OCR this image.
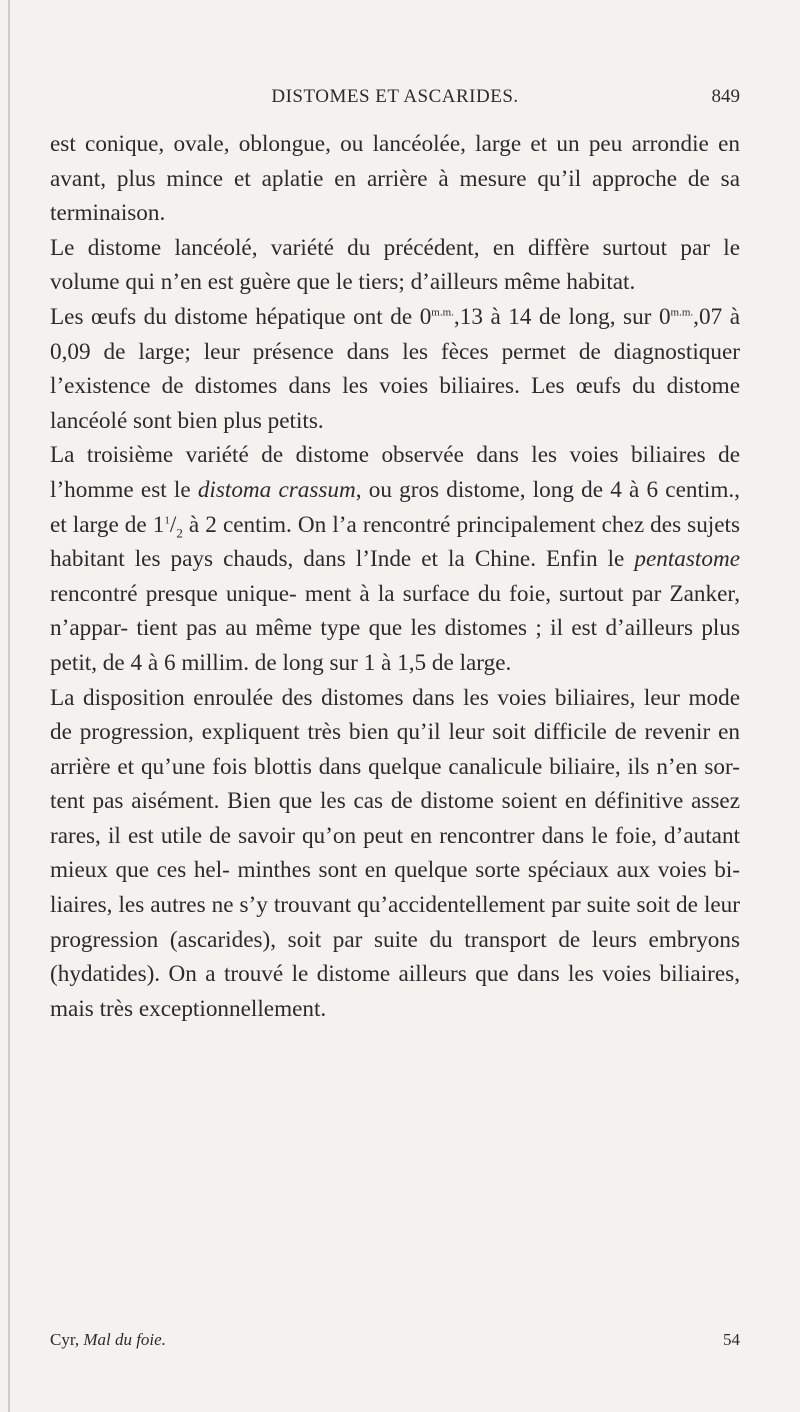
DISTOMES ET ASCARIDES.	849

est conique, ovale, oblongue, ou lancéolée, large et un peu arrondie en avant, plus mince et aplatie en arrière à mesure qu’il approche de sa terminaison.

Le distome lancéolé, variété du précédent, en diffère surtout par le volume qui n’en est guère que le tiers; d’ailleurs même habitat.

Les œufs du distome hépatique ont de $0^{m.m.},13$ à 14 de long, sur $0^{m.m.},07$ à 0,09 de large; leur présence dans les fèces permet de diagnostiquer l’existence de distomes dans les voies biliaires. Les œufs du distome lancéolé sont bien plus petits.

La troisième variété de distome observée dans les voies biliaires de l’homme est le distoma crassum, ou gros distome, long de 4 à 6 centim., et large de $1^1/_2$ à 2 centim. On l’a rencontré principalement chez des sujets habitant les pays chauds, dans l’Inde et la Chine. Enfin le pentastome rencontré presque unique- ment à la surface du foie, surtout par Zanker, n’appar- tient pas au même type que les distomes ; il est d’ailleurs plus petit, de 4 à 6 millim. de long sur 1 à 1,5 de large.

La disposition enroulée des distomes dans les voies biliaires, leur mode de progression, expliquent très bien qu’il leur soit difficile de revenir en arrière et qu’une fois blottis dans quelque canalicule biliaire, ils n’en sor- tent pas aisément. Bien que les cas de distome soient en définitive assez rares, il est utile de savoir qu’on peut en rencontrer dans le foie, d’autant mieux que ces hel- minthes sont en quelque sorte spéciaux aux voies bi- liaires, les autres ne s’y trouvant qu’accidentellement par suite soit de leur progression (ascarides), soit par suite du transport de leurs embryons (hydatides). On a trouvé le distome ailleurs que dans les voies biliaires, mais très exceptionnellement.

Cyr, Mal du foie.	54
